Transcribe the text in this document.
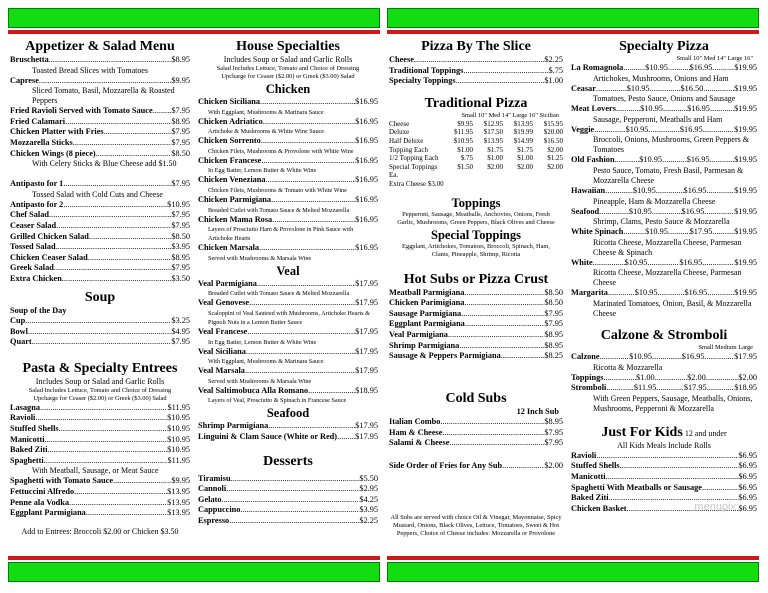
Appetizer & Salad Menu
Bruschetta .....	$8.95
Toasted Bread Slices with Tomatoes
Caprese .....	$9.95
Sliced Tomato, Basil, Mozzarella & Roasted Peppers
Fried Ravioli Served with Tomato Sauce ..... $7.95
Fried Calamari .....	$8.95
Chicken Platter with Fries .....	$7.95
Mozzarella Sticks .....	$7.95
Chicken Wings (8 piece) .....	$8.50
With Celery Sticks & Blue Cheese add $1.50
Antipasto for 1 .....	$7.95
Tossed Salad with Cold Cuts and Cheese
Antipasto for 2 .....	$10.95
Chef Salad .....	$7.95
Ceaser Salad .....	$7.95
Grilled Chicken Salad .....	$8.50
Tossed Salad .....	$3.95
Chicken Ceaser Salad .....	$8.95
Greek Salad .....	$7.95
Extra Chicken .....	$3.50
Soup
Soup of the Day
Cup .....	$3.25
Bowl .....	$4.95
Quart .....	$7.95
Pasta & Specialty Entrees
Includes Soup or Salad and Garlic Rolls
Salad Includes Lettuce, Tomato and Choice of Dressing
Upcharge for Ceaser ($2.00) or Greek ($3.00) Salad
Lasagna .....	$11.95
Ravioli .....	$10.95
Stuffed Shells .....	$10.95
Manicotti .....	$10.95
Baked Ziti .....	$10.95
Spaghetti .....	$11.95
With Meatball, Sausage, or Meat Sauce
Spaghetti with Tomato Sauce .....	$9.95
Fettuccini Alfredo .....	$13.95
Penne ala Vodka .....	$13.95
Eggplant Parmigiana .....	$13.95
Add to Entrees: Broccoli $2.00 or Chicken $3.50
House Specialties
Includes Soup or Salad and Garlic Rolls
Salad Includes Lettuce, Tomato and Choice of Dressing
Upcharge for Ceaser ($2.00) or Greek ($3.00) Salad
Chicken
Chicken Siciliana .....	$16.95
With Eggplant, Mushrooms & Marinara Sauce
Chicken Adriatico .....	$16.95
Artichoke & Mushrooms & White Wine Sauce
Chicken Sorrento .....	$16.95
Chicken Filets, Mushrooms & Provolone with White Wine
Chicken Francese .....	$16.95
In Egg Batter, Lemon Butter & White Wine
Chicken Veneziana .....	$16.95
Chicken Filets, Mushrooms & Tomato with White Wine
Chicken Parmigiana .....	$16.95
Breaded Cutlet with Tomato Sauce & Melted Mozzarella
Chicken Mama Rosa .....	$16.95
Layers of Prosciutto Ham & Provolone in Pink Sauce with Artichoke Hearts
Chicken Marsala .....	$16.95
Served with Mushrooms & Marsala Wine
Veal
Veal Parmigiana .....	$17.95
Breaded Cutlet with Tomato Sauce & Melted Mozzarella
Veal Genovese .....	$17.95
Scaloppini of Veal Sauteed with Mushrooms, Artichoke Hearts & Pignoli Nuts in a Lemon Butter Sauce
Veal Francese .....	$17.95
In Egg Batter, Lemon Butter & White Wine
Veal Siciliana .....	$17.95
With Eggplant, Mushrooms & Marinara Sauce
Veal Marsala .....	$17.95
Served with Mushrooms & Marsala Wine
Veal Saltimobuca Alla Romano .....	$18.95
Layers of Veal, Prosciutto & Spinach in Francese Sauce
Seafood
Shrimp Parmigiana .....	$17.95
Linguini & Clam Sauce (White or Red) ..... $17.95
Desserts
Tiramisu .....	$5.50
Cannoli .....	$2.95
Gelato .....	$4.25
Cappuccino .....	$3.95
Espresso .....	$2.25
Pizza By The Slice
Cheese .....	$2.25
Traditional Toppings .....	$.75
Specialty Toppings .....	$1.00
Traditional Pizza
Small 10" Med 14" Large 16" Sicilian
Cheese	$9.95	$12.95	$13.95	$15.95
Deluxe	$11.95	$17.50	$19.99	$20.00
Half Deluxe	$10.95	$13.95	$14.99	$16.50
Topping Each	$1.00	$1.75	$1.75	$2.00
1/2 Topping Each	$.75	$1.00	$1.00	$1.25
Special Toppings Ea.
$1.50	$2.00	$2.00	$2.00
Extra Cheese $3.00
Toppings
Pepperoni, Sausage, Meatballs, Anchovies, Onions, Fresh Garlic, Mushrooms, Green Peppers, Black Olives and Cheese
Special Toppings
Eggplant, Artichokes, Tomatoes, Broccoli, Spinach, Ham, Clams, Pineapple, Shrimp, Ricotta
Hot Subs or Pizza Crust
Meatball Parmigiana .....	$8.50
Chicken Parimigiana .....	$8.50
Sausage Parmigiana .....	$7.95
Eggplant Parmigiana .....	$7.95
Veal Parmigiana .....	$8.95
Shrimp Parmigiana .....	$8.95
Sausage & Peppers Parmigiana .....	$8.25
Cold Subs
12 Inch Sub
Italian Combo .....	$8.95
Ham & Cheese .....	$7.95
Salami & Cheese .....	$7.95
Side Order of Fries for Any Sub .....	$2.00
All Subs are served with choice Oil & Vinegar, Mayonnaise, Spicy Mustard, Onions, Black Olives, Lettuce, Tomatoes, Sweet & Hot Peppers, Choice of Cheese includes: Mozzarella or Provolone
Specialty Pizza
Small 10" Med 14" Large 16"
La Romagnola .....	$10.95 .....	$16.95 .....	$19.95
Artichokes, Mushrooms, Onions and Ham
Ceasar .....	$10.95 .....	$16.50 .....	$19.95
Tomatoes, Pesto Sauce, Onions and Sausage
Meat Lovers .....	$10.95 .....	$16.95 .....	$19.95
Sausage, Pepperoni, Meatballs and Ham
Veggie .....	$10.95 .....	$16.95 .....	$19.95
Broccoli, Onions, Mushrooms, Green Peppers & Tomatoes
Old Fashion .....	$10.95 .....	$16.95 .....	$19.95
Pesto Sauce, Tomato, Fresh Basil, Parmesan & Mozzarella Cheese
Hawaiian .....	$10.95 .....	$16.95 .....	$19.95
Pineapple, Ham & Mozzarella Cheese
Seafood .....	$10.95 .....	$16.95 .....	$19.95
Shrimp, Clams, Pesto Sauce & Mozzarella
White Spinach .....	$10.95 .....	$17.95 .....	$19.95
Ricotta Cheese, Mozzarella Cheese, Parmesan Cheese & Spinach
White .....	$10.95 .....	$16.95 .....	$19.95
Ricotta Cheese, Mozzarella Cheese, Parmesan Cheese
Margarita .....	$10.95 .....	$16.95 .....	$19.95
Marinated Tomatoes, Onion, Basil, & Mozzarella Cheese
Calzone & Stromboli
Small Medium Large
Calzone .....	$10.95 .....	$16.95 .....	$17.95
Ricotta & Mozzarella
Toppings .....	$1.00 .....	$2.00 .....	$2.00
Stromboli .....	$11.95 .....	$17.95 .....	$18.95
With Green Peppers, Sausage, Meatballs, Onions, Mushrooms, Pepperoni & Mozzarella
Just For Kids 12 and under
All Kids Meals Include Rolls
Ravioli .....	$6.95
Stuffed Shells .....	$6.95
Manicotti .....	$6.95
Spaghetti With Meatballs or Sausage .....	$6.95
Baked Ziti .....	$6.95
Chicken Basket .....	$6.95
menupix
